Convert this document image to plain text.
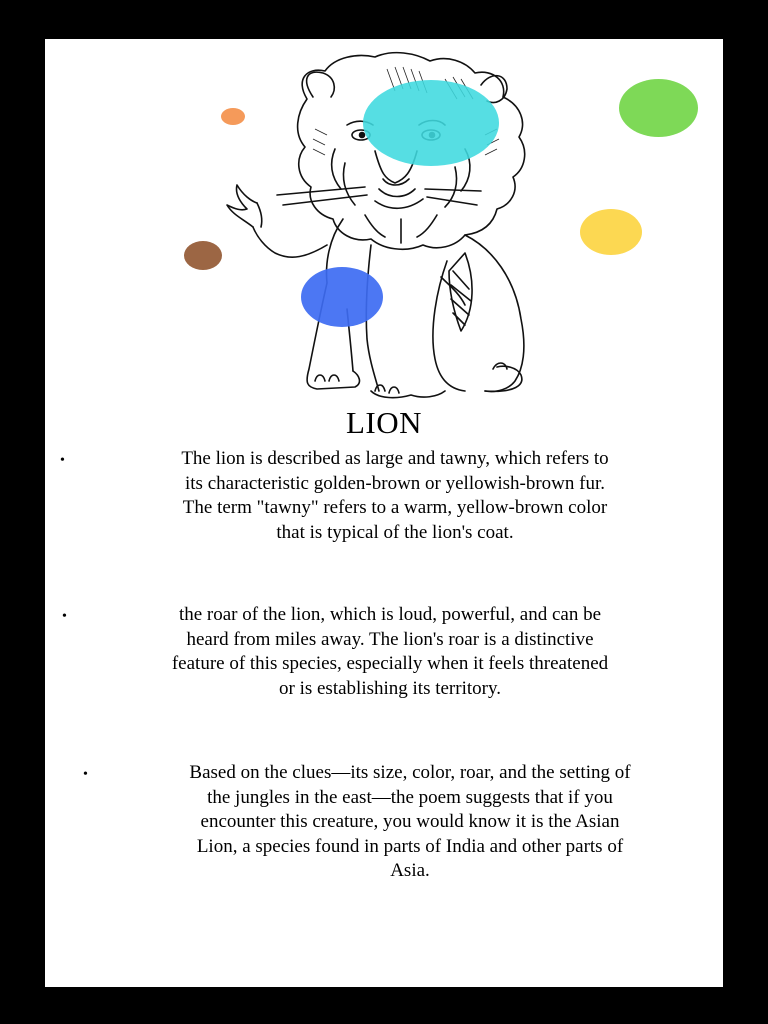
LION
•	The lion is described as large and tawny, which refers to
its characteristic golden-brown or yellowish-brown fur.
The term "tawny" refers to a warm, yellow-brown color
that is typical of the lion's coat.
•	the roar of the lion, which is loud, powerful, and can be
heard from miles away. The lion's roar is a distinctive
feature of this species, especially when it feels threatened
or is establishing its territory.
•	Based on the clues—its size, color, roar, and the setting of
the jungles in the east—the poem suggests that if you
encounter this creature, you would know it is the Asian
Lion, a species found in parts of India and other parts of
Asia.
